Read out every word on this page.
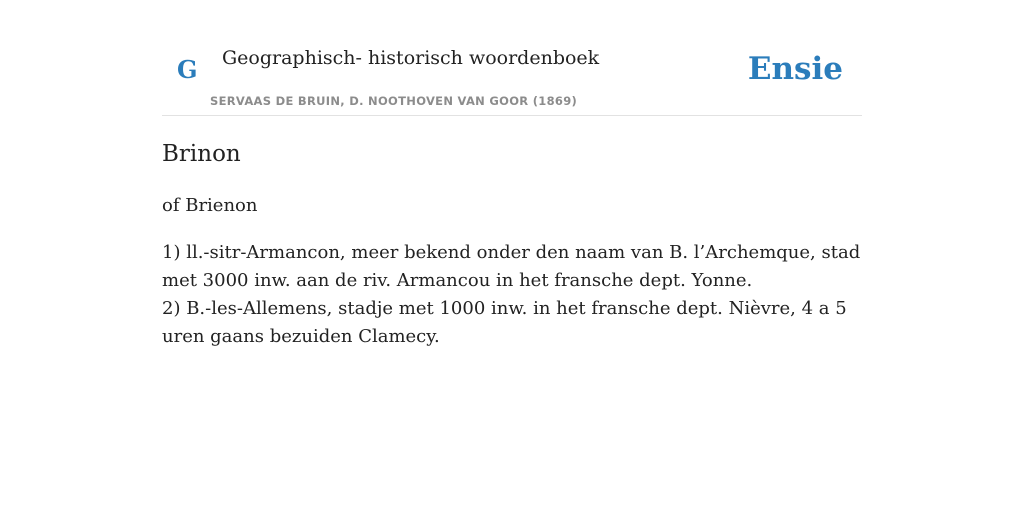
G Geographisch- historisch woordenboek
SERVAAS DE BRUIN, D. NOOTHOVEN VAN GOOR (1869)
Ensie
Brinon
of Brienon

1) ll.-sitr-Armancon, meer bekend onder den naam van B. l’Archemque, stad met 3000 inw. aan de riv. Armancou in het fransche dept. Yonne.

2) B.-les-Allemens, stadje met 1000 inw. in het fransche dept. Nièvre, 4 a 5 uren gaans bezuiden Clamecy.
